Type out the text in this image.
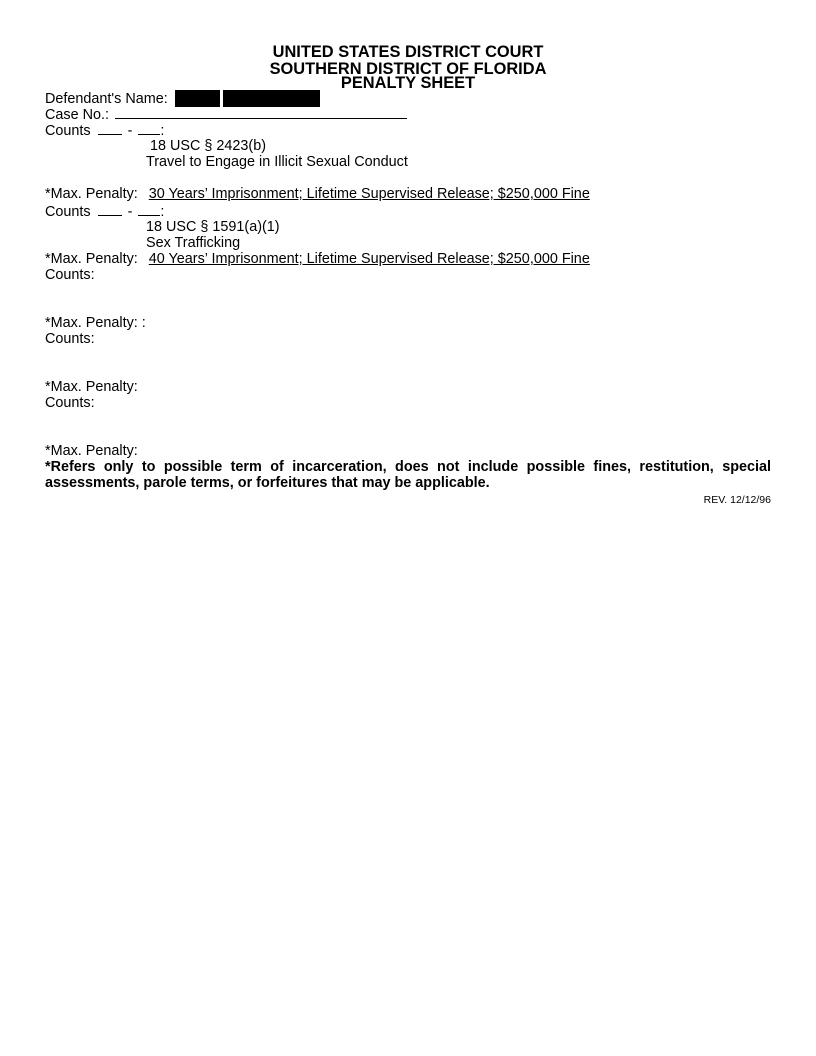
UNITED STATES DISTRICT COURT
SOUTHERN DISTRICT OF FLORIDA
PENALTY SHEET
Defendant's Name:
Case No.:
Counts	- :
18 USC § 2423(b)
Travel to Engage in Illicit Sexual Conduct
*Max. Penalty: 30 Years’ Imprisonment; Lifetime Supervised Release; $250,000 Fine
Counts	- :
18 USC § 1591(a)(1)
Sex Trafficking
*Max. Penalty: 40 Years’ Imprisonment; Lifetime Supervised Release; $250,000 Fine
Counts:
*Max. Penalty: :
Counts:
*Max. Penalty:
Counts:
*Max. Penalty:
*Refers only to possible term of incarceration, does not include possible fines, restitution, special assessments, parole terms, or forfeitures that may be applicable.
REV. 12/12/96
